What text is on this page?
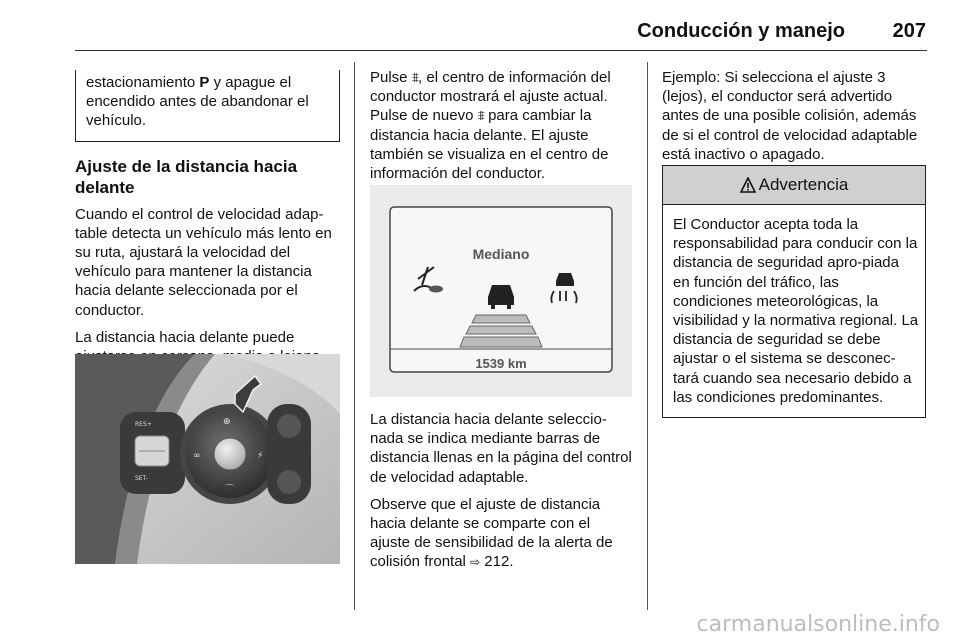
Conducción y manejo	207
estacionamiento P y apague el encendido antes de abandonar el vehículo.
Ajuste de la distancia hacia delante

Cuando el control de velocidad adap-table detecta un vehículo más lento en su ruta, ajustará la velocidad del vehículo para mantener la distancia hacia delante seleccionada por el conductor.

La distancia hacia delante puede

RES+
SET-
⊕
∞	⚡
⌒

Pulse ⩨, el centro de información del conductor mostrará el ajuste actual. Pulse de nuevo ⩨ para cambiar la distancia hacia delante. El ajuste también se visualiza en el centro de información del conductor.

Mediano
1539 km

La distancia hacia delante seleccio-nada se indica mediante barras de distancia llenas en la página del control de velocidad adaptable.

Observe que el ajuste de distancia hacia delante se comparte con el ajuste de sensibilidad de la alerta de colisión frontal ⇨ 212.

Ejemplo: Si selecciona el ajuste 3 (lejos), el conductor será advertido antes de una posible colisión, además de si el control de velocidad adaptable está inactivo o apagado.

Advertencia
El Conductor acepta toda la responsabilidad para conducir con la distancia de seguridad apro-piada en función del tráfico, las condiciones meteorológicas, la visibilidad y la normativa regional. La distancia de seguridad se debe ajustar o el sistema se desconec-tará cuando sea necesario debido a las condiciones predominantes.
carmanualsonline.info
